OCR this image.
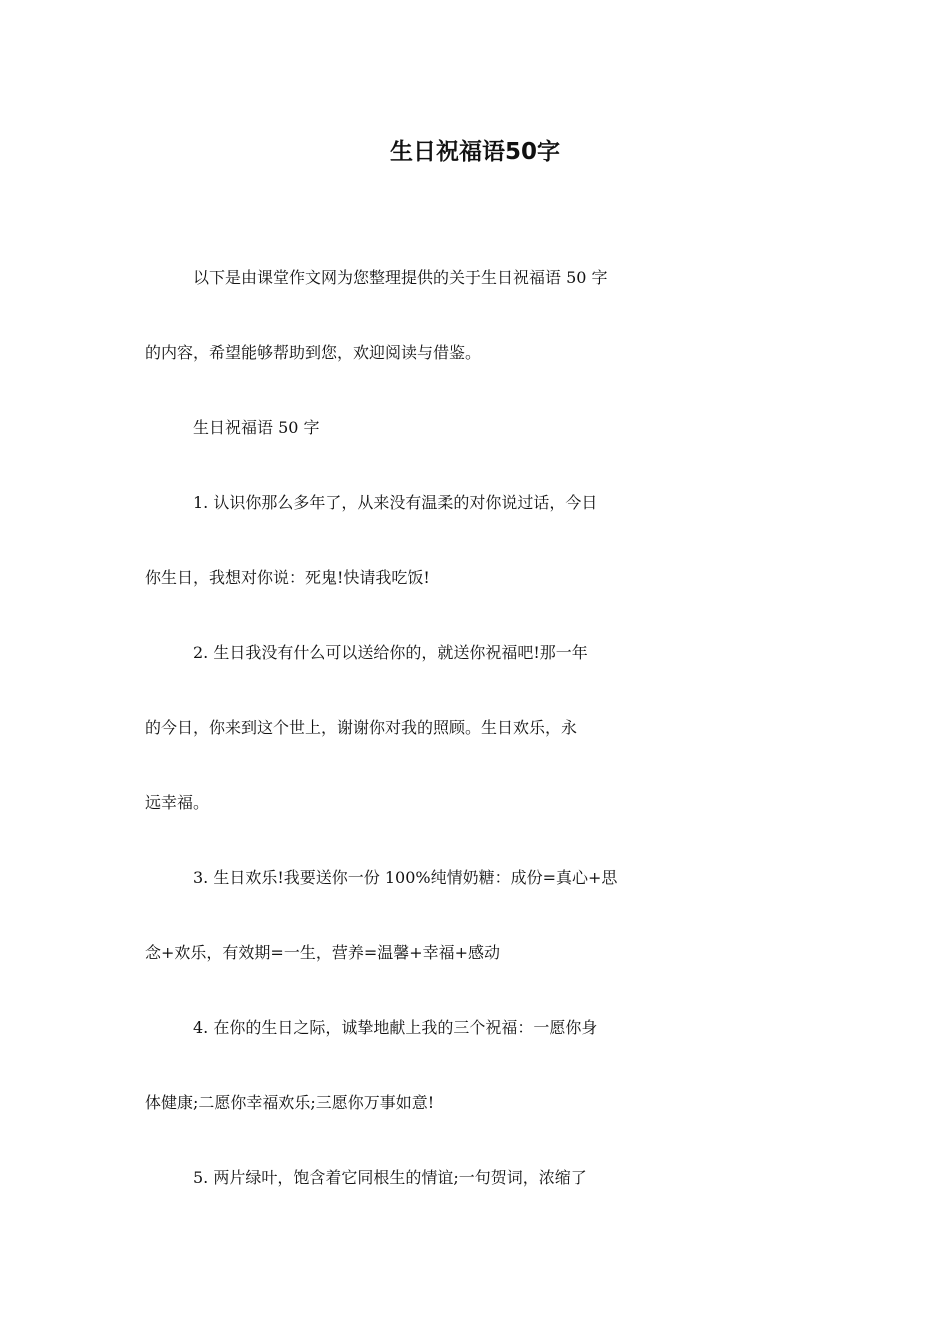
生日祝福语50字
以下是由课堂作文网为您整理提供的关于生日祝福语 50 字
的内容，希望能够帮助到您，欢迎阅读与借鉴。
生日祝福语 50 字
1. 认识你那么多年了，从来没有温柔的对你说过话，今日
你生日，我想对你说：死鬼!快请我吃饭!
2. 生日我没有什么可以送给你的，就送你祝福吧!那一年
的今日，你来到这个世上，谢谢你对我的照顾。生日欢乐，永
远幸福。
3. 生日欢乐!我要送你一份 100%纯情奶糖：成份=真心+思
念+欢乐，有效期=一生，营养=温馨+幸福+感动
4. 在你的生日之际，诚挚地献上我的三个祝福：一愿你身
体健康;二愿你幸福欢乐;三愿你万事如意!
5. 两片绿叶，饱含着它同根生的情谊;一句贺词，浓缩了
